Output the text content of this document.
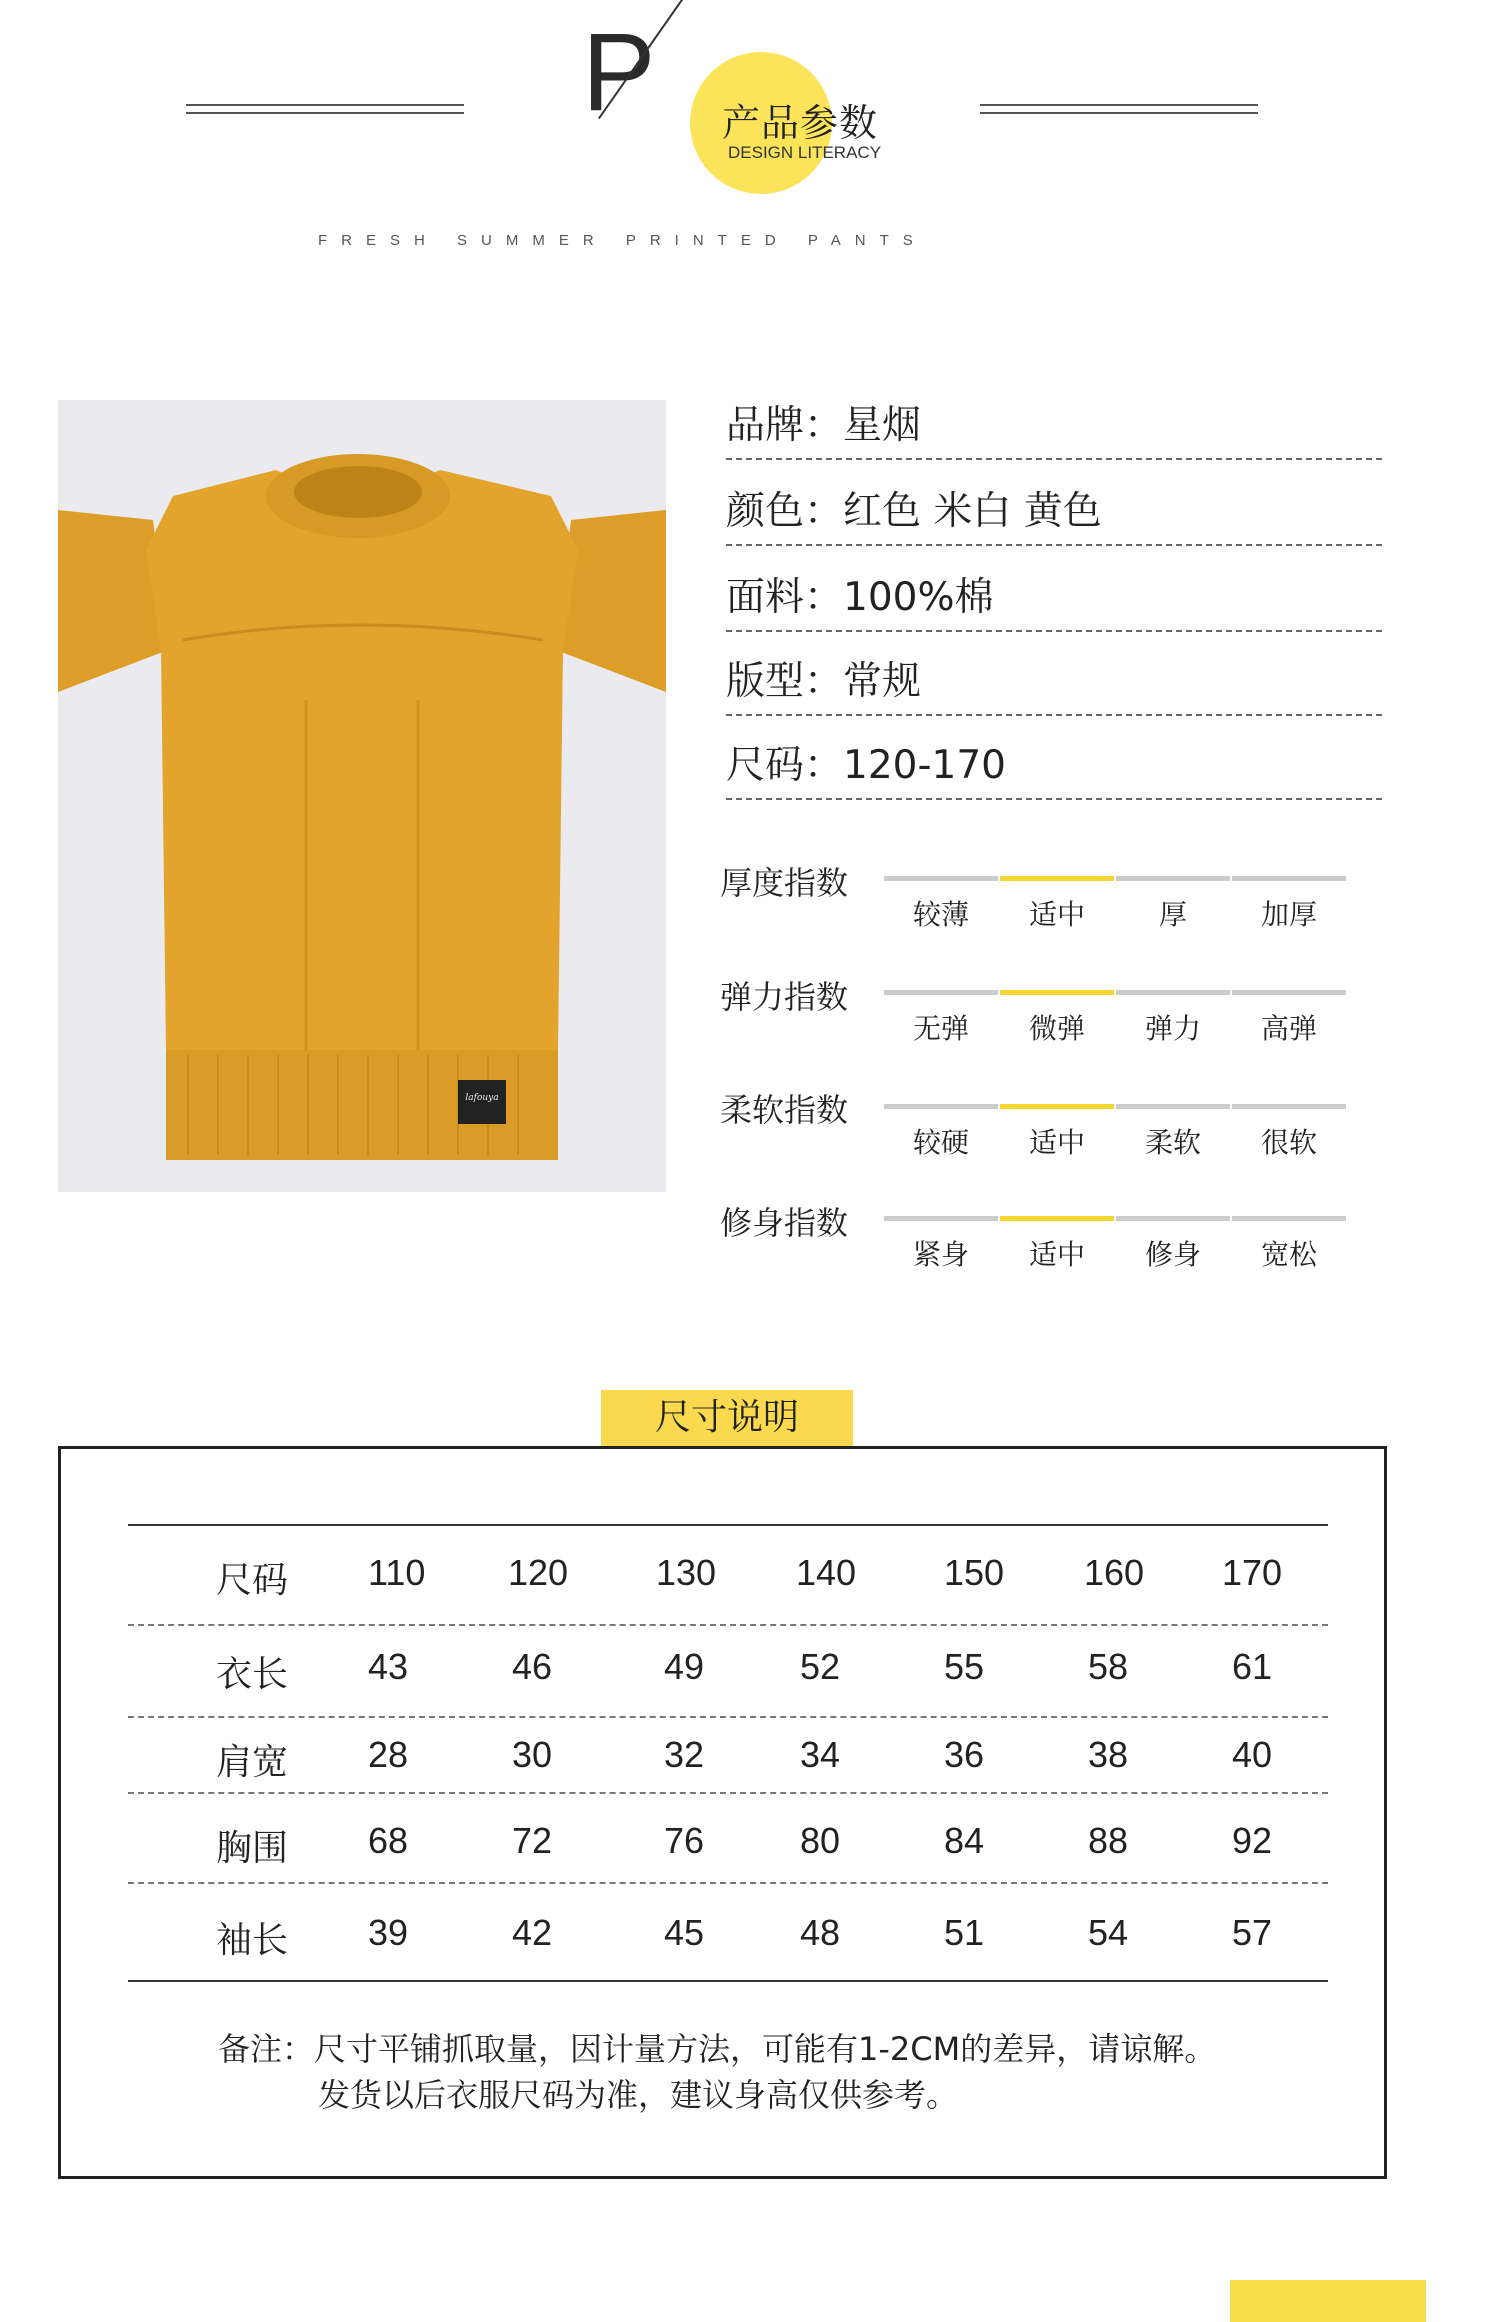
P 产品参数
DESIGN LITERACY
FRESH SUMMER PRINTED PANTS
lafouya
品牌：星烟
颜色：红色 米白 黄色
面料：100%棉
版型：常规
尺码：120-170
厚度指数
较薄	适中	厚	加厚
弹力指数
无弹	微弹	弹力	高弹
柔软指数
较硬	适中	柔软	很软
修身指数
紧身	适中	修身	宽松
尺寸说明
尺码 110 120 130 140 150 160 170
衣长 43	46	49	52	55	58	61
肩宽 28	30	32	34	36	38	40
胸围 68	72	76	80	84	88	92
袖长 39	42	45	48	51	54	57
备注：尺寸平铺抓取量，因计量方法，可能有1-2CM的差异，请谅解。
发货以后衣服尺码为准，建议身高仅供参考。
